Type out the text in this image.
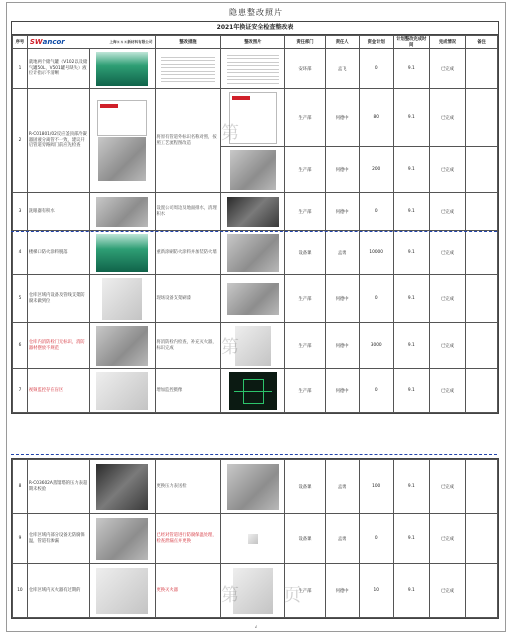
隐患整改照片
2021年换证安全检查整改表
序号	SWancor 上海ｘｘｘ新材料有限公司		整改措施	整改照片	责任部门	责任人	资金计划	计划整改完成时间	完成情况	备注
1	就地两个储气罐（V102以及储气罐50L、V501罐号缺失）液位计指示不清晰				安环部	孟飞	0	9.1	已完成	
2	R-C01801/02反应釜顶部冷凝器固液分离管不一致，建议开启管道旁路阀门前应先检查		将原有管道外标识名称对照，按照工艺流程图改造		生产部	何德中	80	9.1	已完成	

					生产部	何德中	200	9.1	已完成	
3	洗眼器有积水		设置公司周边及地面排水，清理积水		生产部	何德中	0	9.1	已完成	
4	楼梯口防火涂料脱落		重新涂刷防火涂料并加装防火墙		设备课	孟勇	10000	9.1	已完成	
5	仓库区域内设备及管线支架防腐未做到位		现场设备支架刷漆		生产部	何德中	0	9.1	已完成	
6	仓库内消防栓门无标识，消防器材摆放不规范		将消防栓内检查，补充灭火器，标识完成		生产部	何德中	3000	9.1	已完成	
7	视频监控存在盲区		增加监控摄像		生产部	何德中	0	9.1	已完成	
8	R-C03602A蒸馏塔的压力表超期未校验		更换压力表送检		设备课	孟勇	100	9.1	已完成	
9	仓库区域内部分设备无防腐保温，管道有渗漏		已经对管道进行防腐保温处理，检查泄漏点并更换		设备课	孟勇	0	9.1	已完成	
10	仓库区域内灭火器有过期的		更换灭火器		生产部	何德中	10	9.1	已完成	
第
第
第 页
↲
